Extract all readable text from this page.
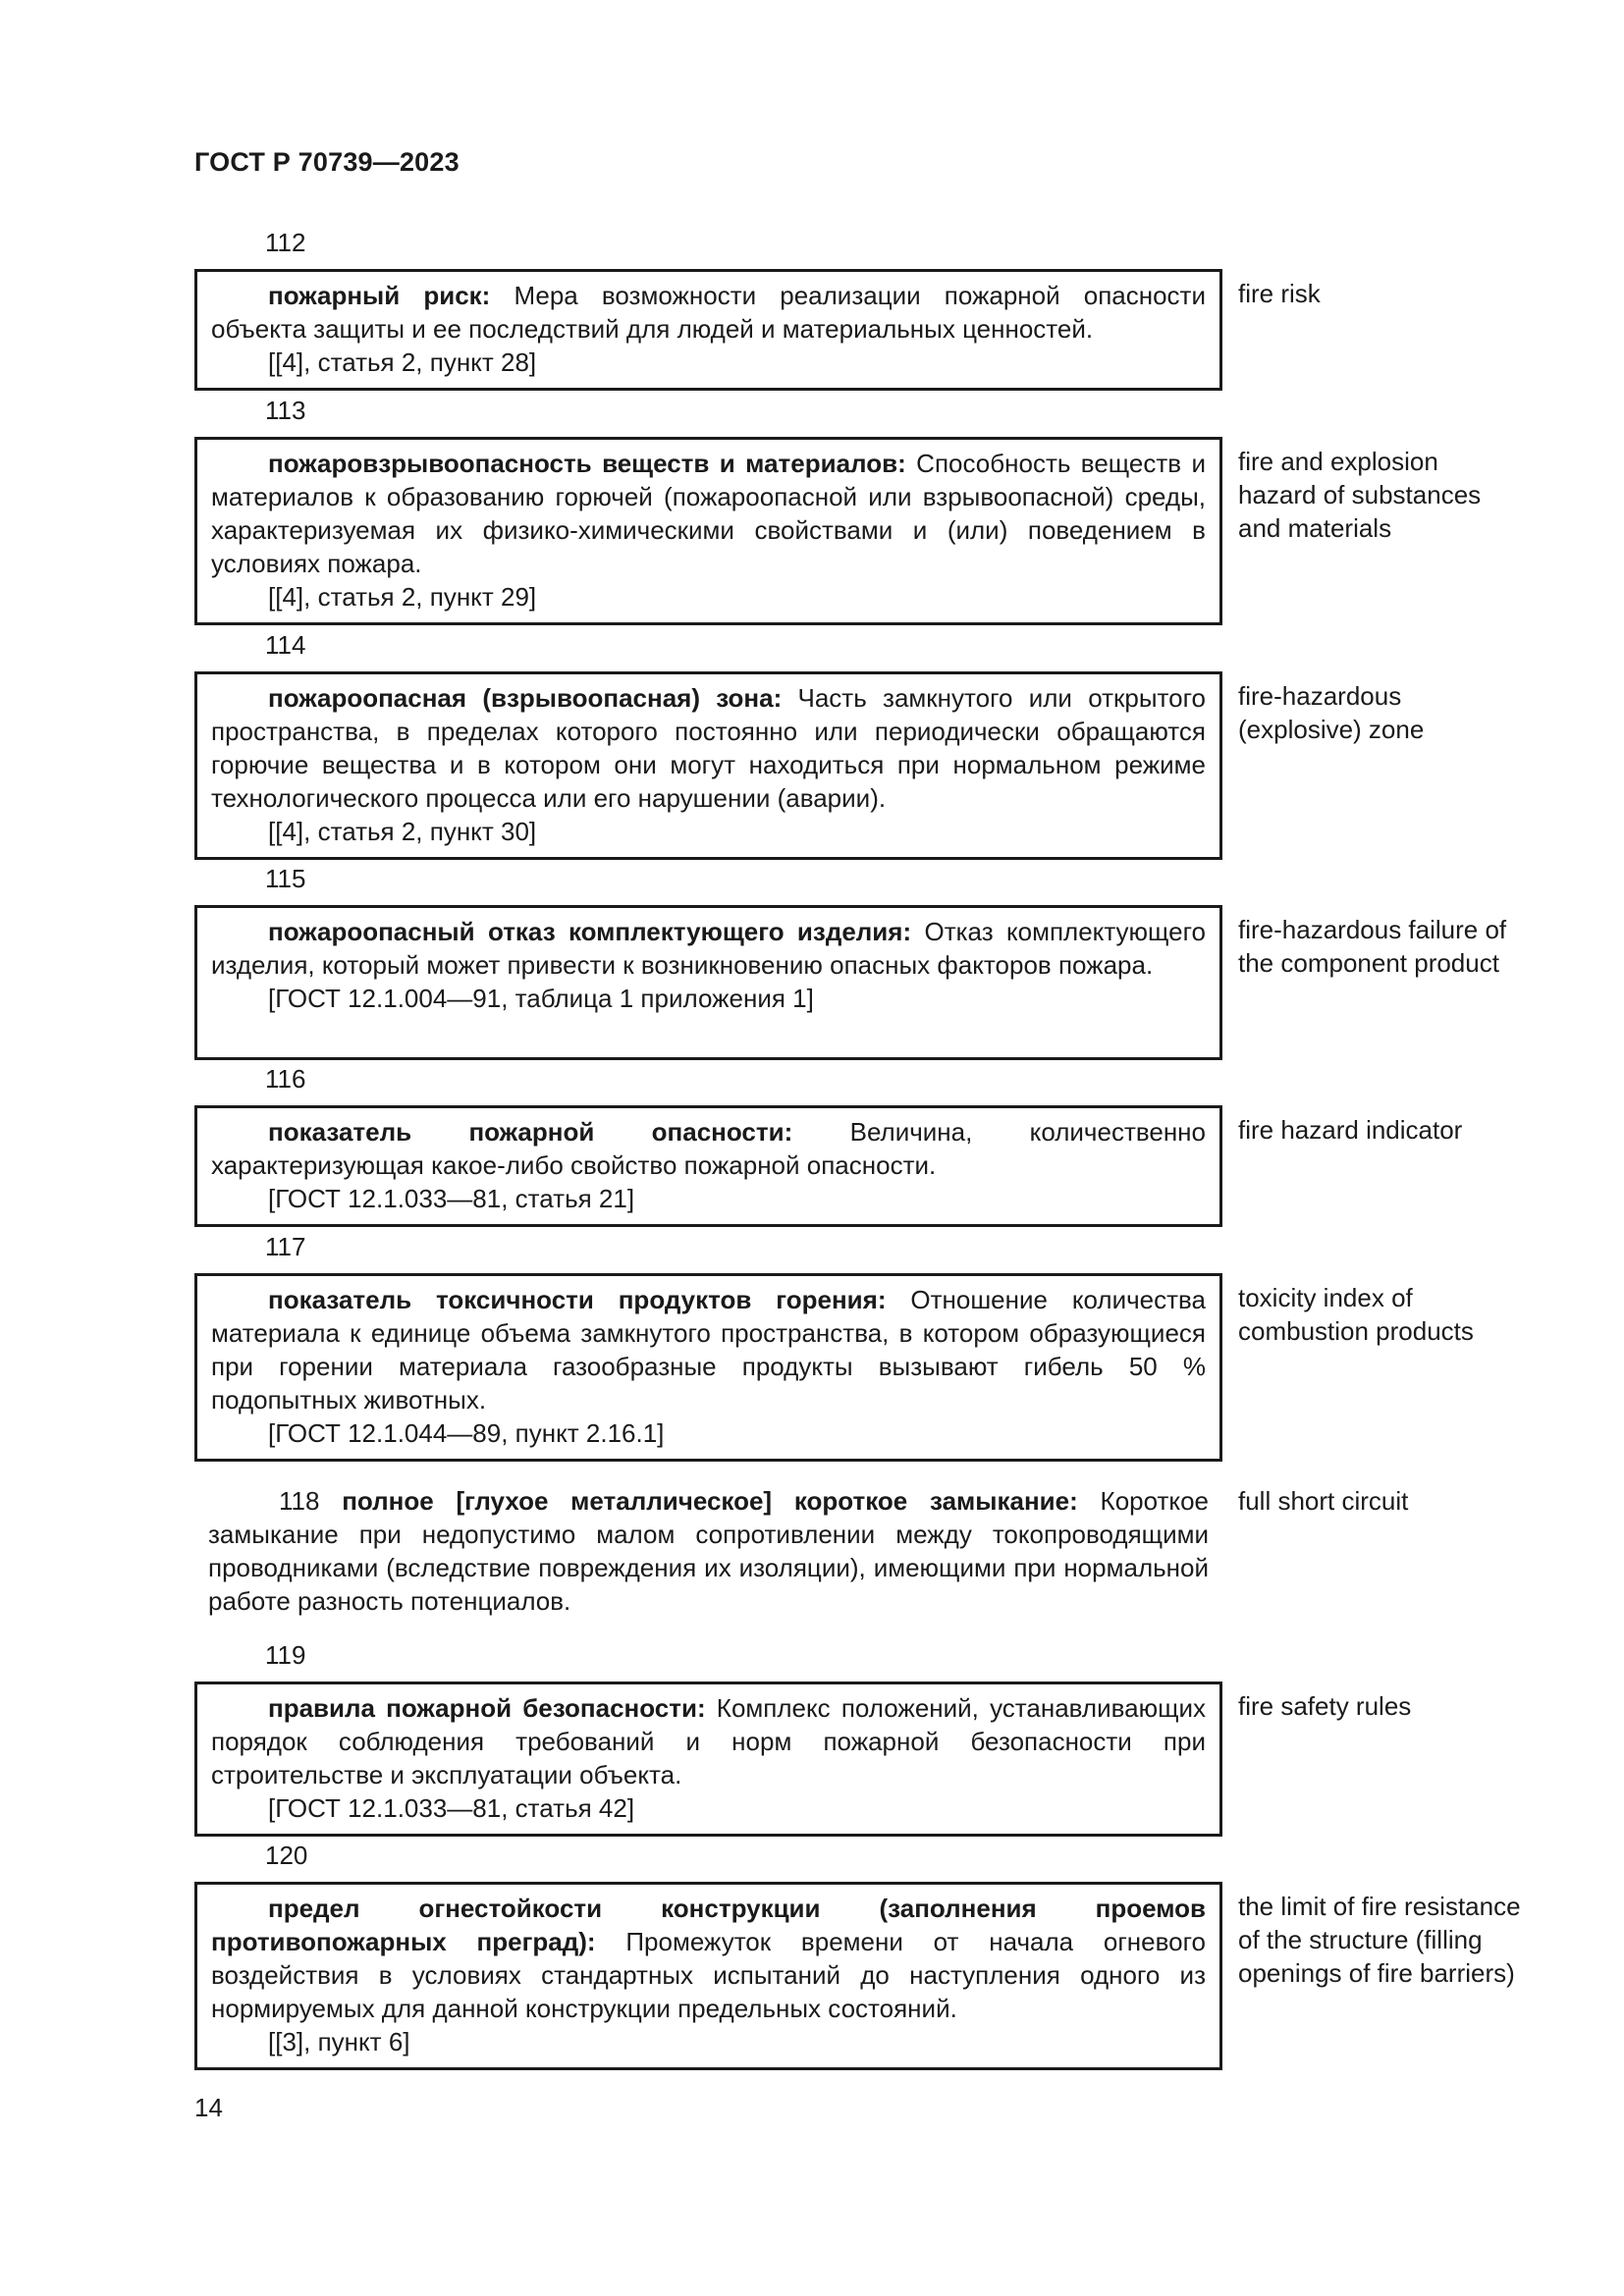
ГОСТ Р 70739—2023
112

пожарный риск: Мера возможности реализации пожарной опасности объекта защиты и ее последствий для людей и материальных ценностей.

[[4], статья 2, пункт 28]

fire risk
113

пожаровзрывоопасность веществ и материалов: Способность веществ и материалов к образованию горючей (пожароопасной или взрывоопасной) среды, характеризуемая их физико-химическими свойствами и (или) поведением в условиях пожара.

[[4], статья 2, пункт 29]

fire and explosion hazard of substances and materials
114

пожароопасная (взрывоопасная) зона: Часть замкнутого или открытого пространства, в пределах которого постоянно или периодически обращаются горючие вещества и в котором они могут находиться при нормальном режиме технологического процесса или его нарушении (аварии).

[[4], статья 2, пункт 30]

fire-hazardous (explosive) zone
115

пожароопасный отказ комплектующего изделия: Отказ комплектующего изделия, который может привести к возникновению опасных факторов пожара.

[ГОСТ 12.1.004—91, таблица 1 приложения 1]

fire-hazardous failure of the component product
116

показатель пожарной опасности: Величина, количественно характеризующая какое-либо свойство пожарной опасности.

[ГОСТ 12.1.033—81, статья 21]

fire hazard indicator
117

показатель токсичности продуктов горения: Отношение количества материала к единице объема замкнутого пространства, в котором образующиеся при горении материала газообразные продукты вызывают гибель 50 % подопытных животных.

[ГОСТ 12.1.044—89, пункт 2.16.1]

toxicity index of combustion products

118 полное [глухое металлическое] короткое замыкание: Короткое замыкание при недопустимо малом сопротивлении между токопроводящими проводниками (вследствие повреждения их изоляции), имеющими при нормальной работе разность потенциалов.

full short circuit
119

правила пожарной безопасности: Комплекс положений, устанавливающих порядок соблюдения требований и норм пожарной безопасности при строительстве и эксплуатации объекта.

[ГОСТ 12.1.033—81, статья 42]

fire safety rules
120

предел огнестойкости конструкции (заполнения проемов противопожарных преград): Промежуток времени от начала огневого воздействия в условиях стандартных испытаний до наступления одного из нормируемых для данной конструкции предельных состояний.

[[3], пункт 6]

the limit of fire resistance of the structure (filling openings of fire barriers)
14
